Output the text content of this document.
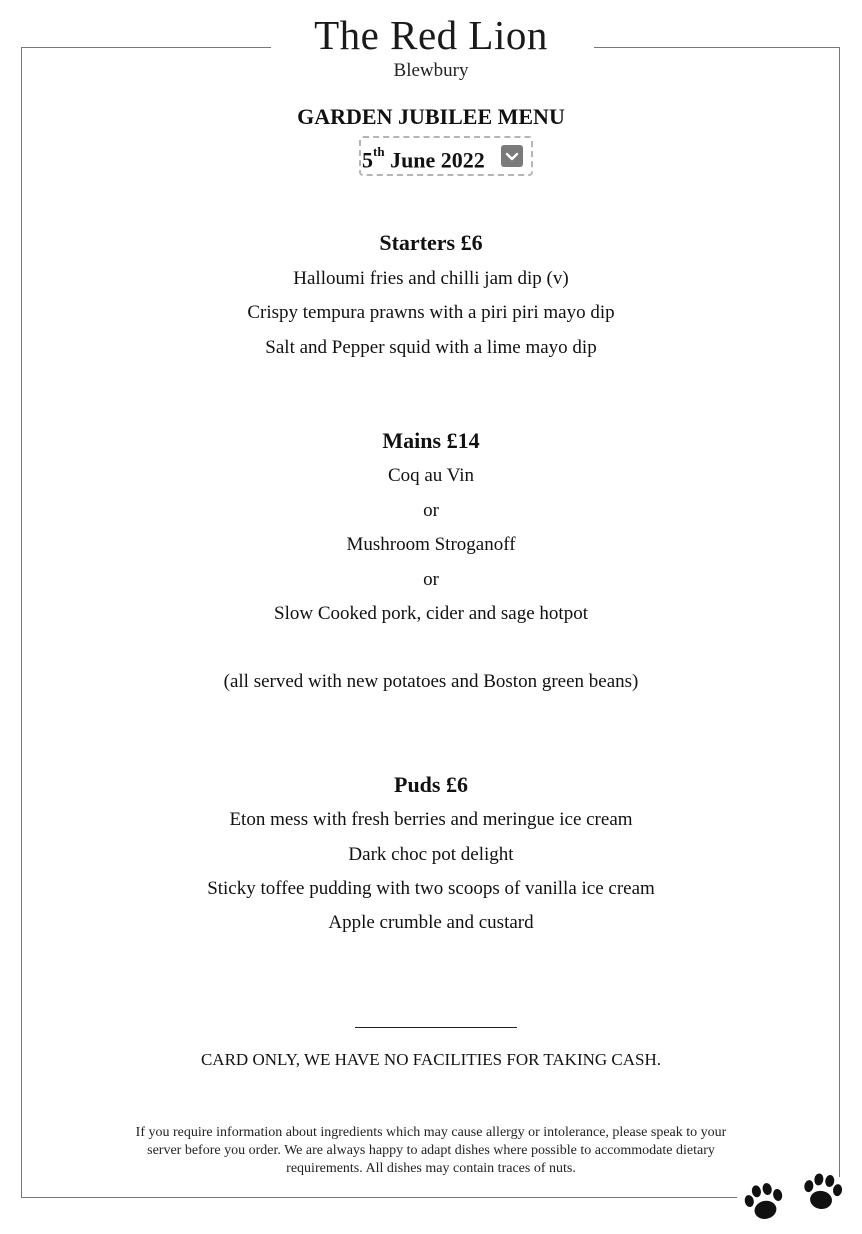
The Red Lion
Blewbury
GARDEN JUBILEE MENU
5th June 2022
Starters £6
Halloumi fries and chilli jam dip (v)
Crispy tempura prawns with a piri piri mayo dip
Salt and Pepper squid with a lime mayo dip
Mains £14
Coq au Vin
or
Mushroom Stroganoff
or
Slow Cooked pork, cider and sage hotpot
(all served with new potatoes and Boston green beans)
Puds £6
Eton mess with fresh berries and meringue ice cream
Dark choc pot delight
Sticky toffee pudding with two scoops of vanilla ice cream
Apple crumble and custard
CARD ONLY, WE HAVE NO FACILITIES FOR TAKING CASH.
If you require information about ingredients which may cause allergy or intolerance, please speak to your
server before you order. We are always happy to adapt dishes where possible to accommodate dietary
requirements. All dishes may contain traces of nuts.
